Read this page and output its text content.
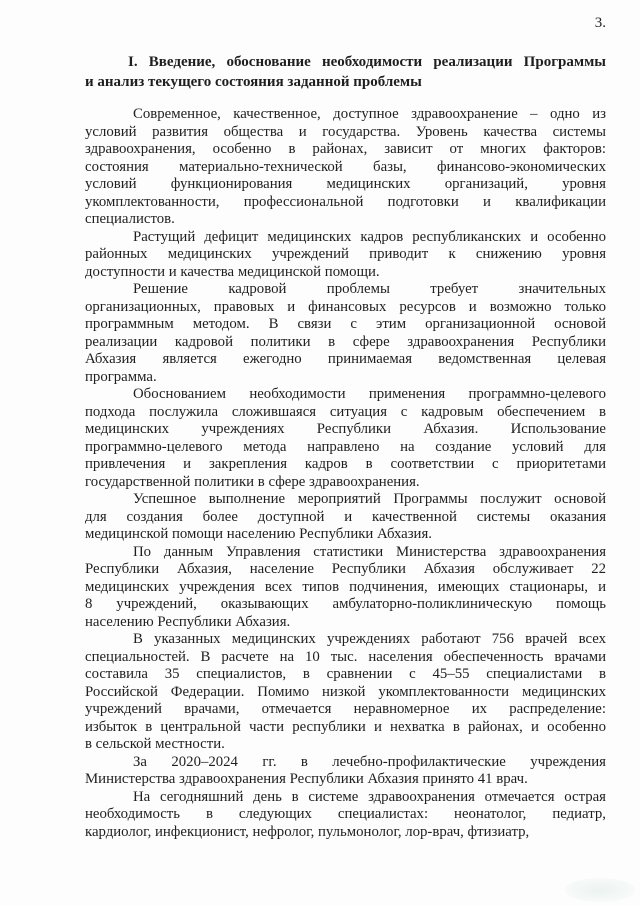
3.
I. Введение, обоснование необходимости реализации Программы
и анализ текущего состояния заданной проблемы
Современное, качественное, доступное здравоохранение – одно из
условий развития общества и государства. Уровень качества системы
здравоохранения, особенно в районах, зависит от многих факторов:
состояния материально-технической базы, финансово-экономических
условий функционирования медицинских организаций, уровня
укомплектованности, профессиональной подготовки и квалификации
специалистов.
Растущий дефицит медицинских кадров республиканских и особенно
районных медицинских учреждений приводит к снижению уровня
доступности и качества медицинской помощи.
Решение кадровой проблемы требует значительных
организационных, правовых и финансовых ресурсов и возможно только
программным методом. В связи с этим организационной основой
реализации кадровой политики в сфере здравоохранения Республики
Абхазия является ежегодно принимаемая ведомственная целевая
программа.
Обоснованием необходимости применения программно-целевого
подхода послужила сложившаяся ситуация с кадровым обеспечением в
медицинских учреждениях Республики Абхазия. Использование
программно-целевого метода направлено на создание условий для
привлечения и закрепления кадров в соответствии с приоритетами
государственной политики в сфере здравоохранения.
Успешное выполнение мероприятий Программы послужит основой
для создания более доступной и качественной системы оказания
медицинской помощи населению Республики Абхазия.
По данным Управления статистики Министерства здравоохранения
Республики Абхазия, население Республики Абхазия обслуживает 22
медицинских учреждения всех типов подчинения, имеющих стационары, и
8 учреждений, оказывающих амбулаторно-поликлиническую помощь
населению Республики Абхазия.
В указанных медицинских учреждениях работают 756 врачей всех
специальностей. В расчете на 10 тыс. населения обеспеченность врачами
составила 35 специалистов, в сравнении с 45–55 специалистами в
Российской Федерации. Помимо низкой укомплектованности медицинских
учреждений врачами, отмечается неравномерное их распределение:
избыток в центральной части республики и нехватка в районах, и особенно
в сельской местности.
За 2020–2024 гг. в лечебно-профилактические учреждения
Министерства здравоохранения Республики Абхазия принято 41 врач.
На сегодняшний день в системе здравоохранения отмечается острая
необходимость в следующих специалистах: неонатолог, педиатр,
кардиолог, инфекционист, нефролог, пульмонолог, лор-врач, фтизиатр,
